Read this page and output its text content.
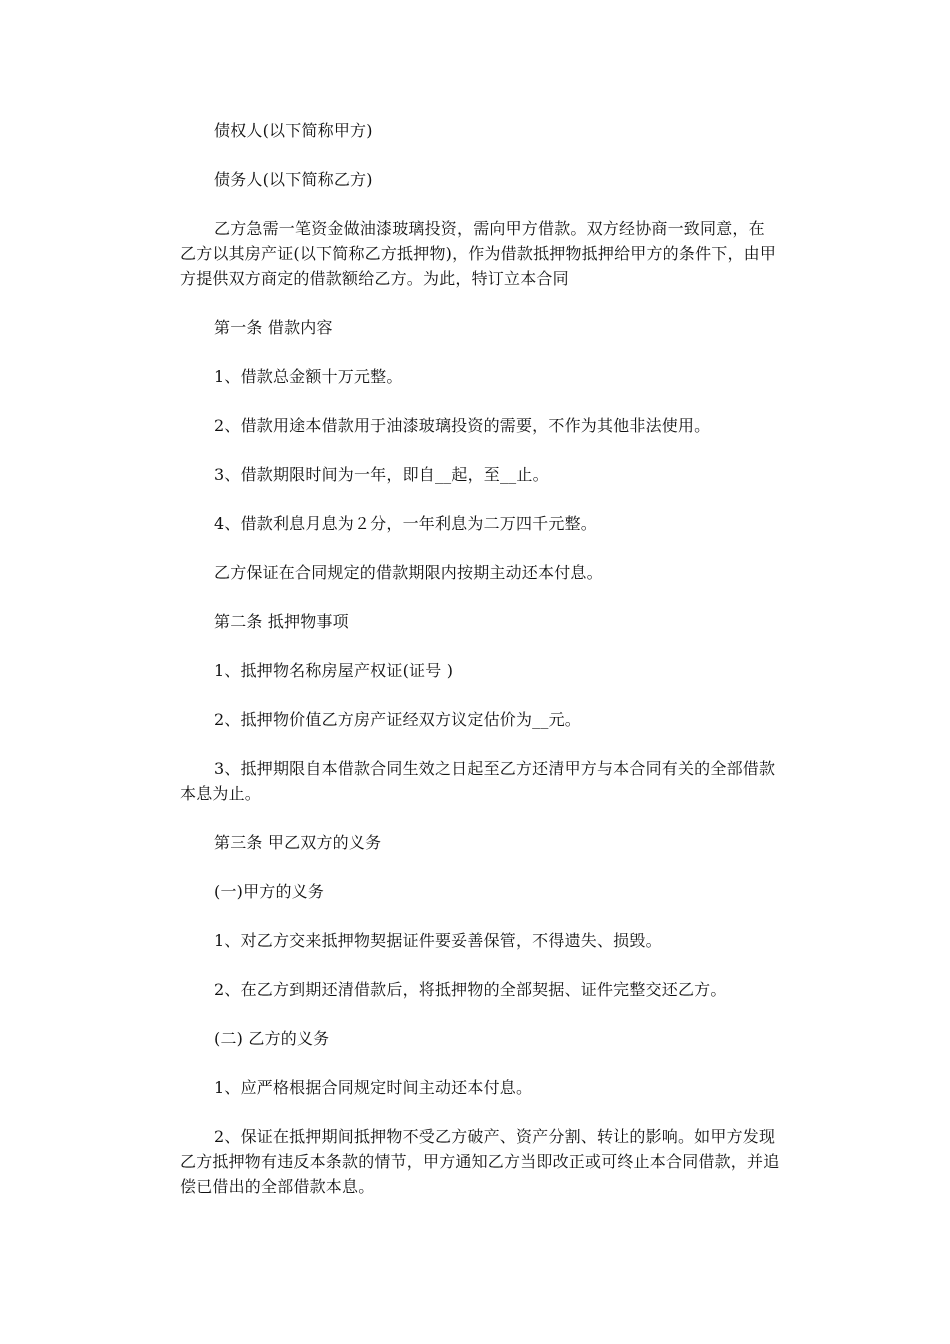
债权人(以下简称甲方)

债务人(以下简称乙方)

乙方急需一笔资金做油漆玻璃投资，需向甲方借款。双方经协商一致同意，在乙方以其房产证(以下简称乙方抵押物)，作为借款抵押物抵押给甲方的条件下，由甲方提供双方商定的借款额给乙方。为此，特订立本合同

第一条 借款内容

1、借款总金额十万元整。

2、借款用途本借款用于油漆玻璃投资的需要，不作为其他非法使用。

3、借款期限时间为一年，即自__起，至__止。

4、借款利息月息为２分，一年利息为二万四千元整。

乙方保证在合同规定的借款期限内按期主动还本付息。

第二条 抵押物事项

1、抵押物名称房屋产权证(证号 )

2、抵押物价值乙方房产证经双方议定估价为__元。

3、抵押期限自本借款合同生效之日起至乙方还清甲方与本合同有关的全部借款本息为止。

第三条 甲乙双方的义务

(一)甲方的义务

1、对乙方交来抵押物契据证件要妥善保管，不得遗失、损毁。

2、在乙方到期还清借款后，将抵押物的全部契据、证件完整交还乙方。

(二) 乙方的义务

1、应严格根据合同规定时间主动还本付息。

2、保证在抵押期间抵押物不受乙方破产、资产分割、转让的影响。如甲方发现乙方抵押物有违反本条款的情节，甲方通知乙方当即改正或可终止本合同借款，并追偿已借出的全部借款本息。
